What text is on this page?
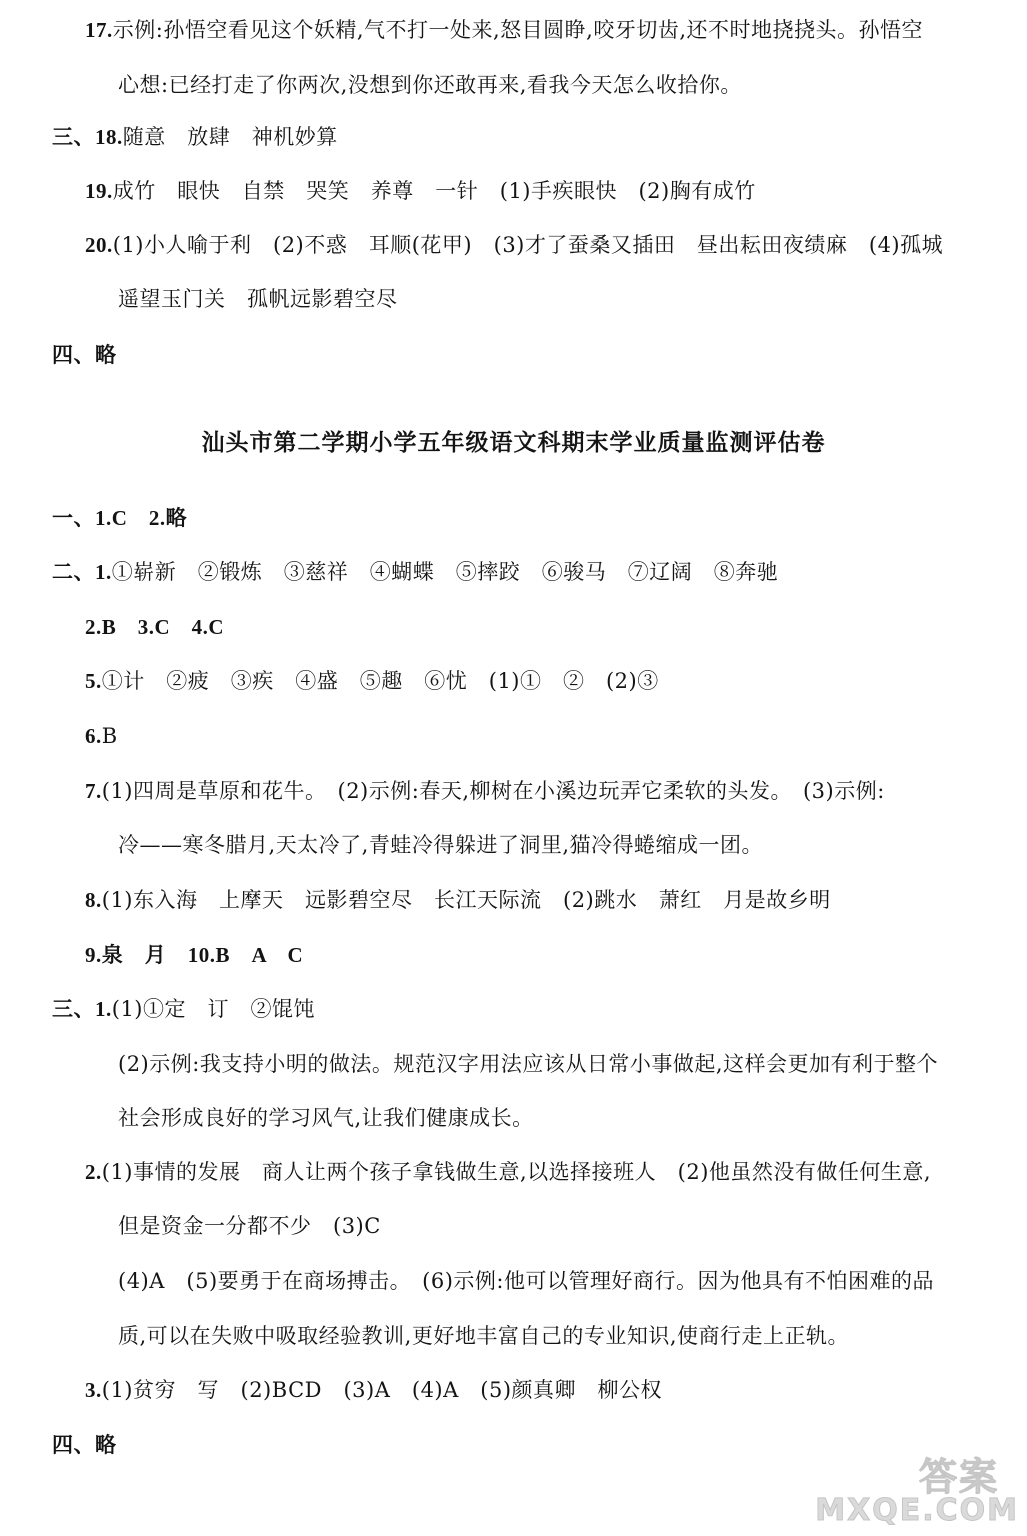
17.示例:孙悟空看见这个妖精,气不打一处来,怒目圆睁,咬牙切齿,还不时地挠挠头。孙悟空
心想:已经打走了你两次,没想到你还敢再来,看我今天怎么收拾你。
三、18.随意　放肆　神机妙算
19.成竹　眼快　自禁　哭笑　养尊　一针　(1)手疾眼快　(2)胸有成竹
20.(1)小人喻于利　(2)不惑　耳顺(花甲)　(3)才了蚕桑又插田　昼出耘田夜绩麻　(4)孤城
遥望玉门关　孤帆远影碧空尽
四、略
汕头市第二学期小学五年级语文科期末学业质量监测评估卷
一、1.C　2.略
二、1.①崭新　②锻炼　③慈祥　④蝴蝶　⑤摔跤　⑥骏马　⑦辽阔　⑧奔驰
2.B　3.C　4.C
5.①计　②疲　③疾　④盛　⑤趣　⑥忧　(1)①　②　(2)③
6.B
7.(1)四周是草原和花牛。　(2)示例:春天,柳树在小溪边玩弄它柔软的头发。　(3)示例:
冷——寒冬腊月,天太冷了,青蛙冷得躲进了洞里,猫冷得蜷缩成一团。
8.(1)东入海　上摩天　远影碧空尽　长江天际流　(2)跳水　萧红　月是故乡明
9.泉　月　10.B　A　C
三、1.(1)①定　订　②馄饨
(2)示例:我支持小明的做法。规范汉字用法应该从日常小事做起,这样会更加有利于整个
社会形成良好的学习风气,让我们健康成长。
2.(1)事情的发展　商人让两个孩子拿钱做生意,以选择接班人　(2)他虽然没有做任何生意,
但是资金一分都不少　(3)C
(4)A　(5)要勇于在商场搏击。　(6)示例:他可以管理好商行。因为他具有不怕困难的品
质,可以在失败中吸取经验教训,更好地丰富自己的专业知识,使商行走上正轨。
3.(1)贫穷　写　(2)BCD　(3)A　(4)A　(5)颜真卿　柳公权
四、略
答案
MXQE.COM
